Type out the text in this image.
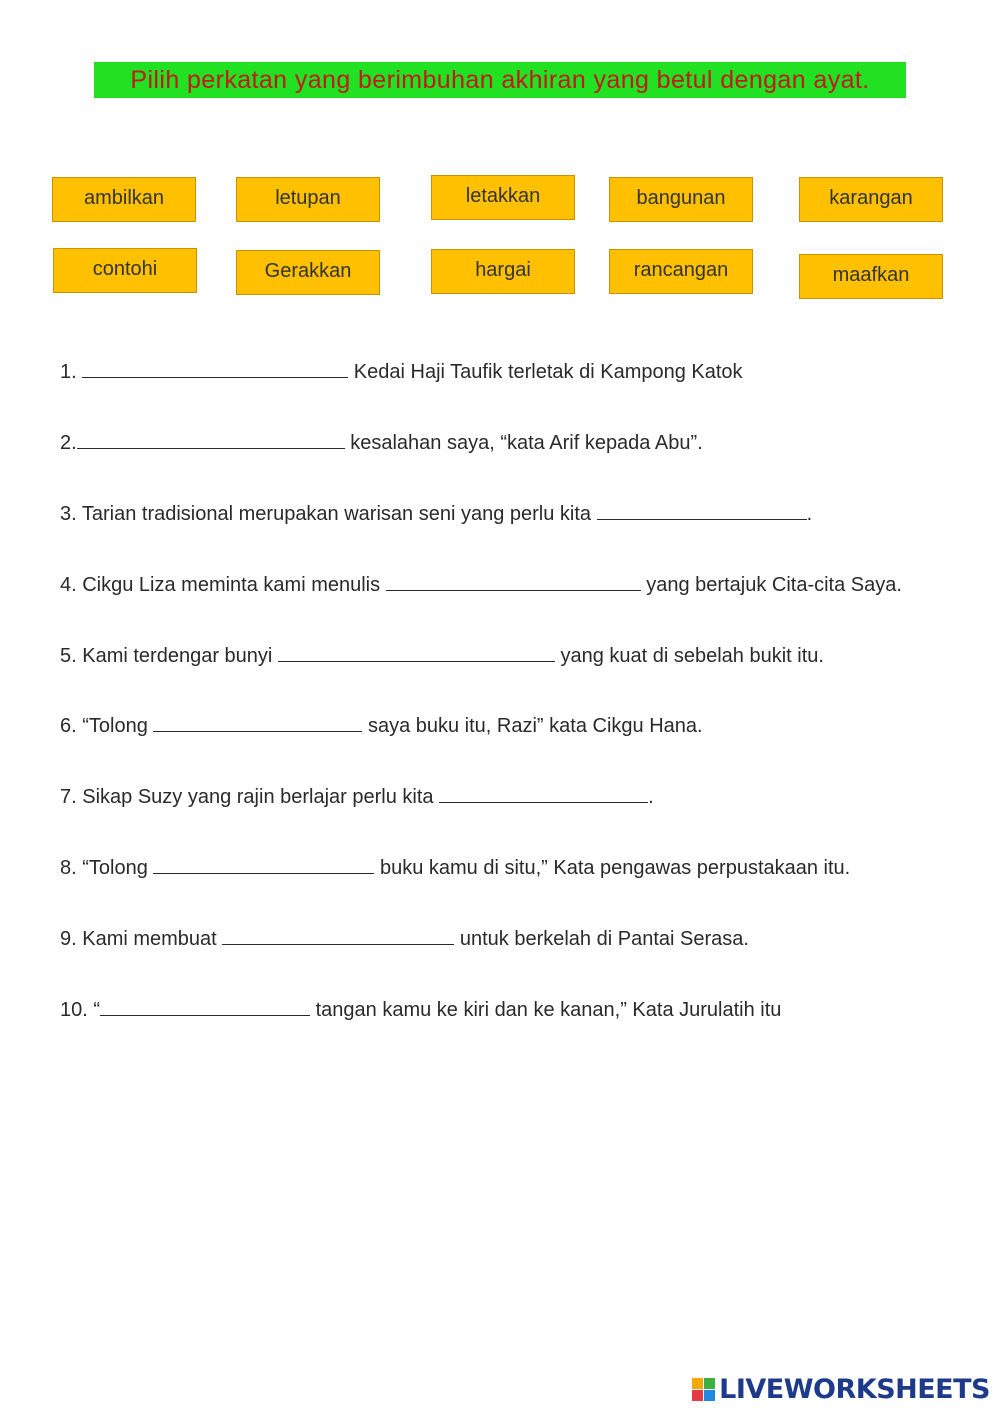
Pilih perkatan yang berimbuhan akhiran yang betul dengan ayat.
ambilkan	letupan	letakkan	bangunan	karangan
contohi	Gerakkan	hargai	rancangan	maafkan
1.	Kedai Haji Taufik terletak di Kampong Katok
2.	kesalahan saya, “kata Arif kepada Abu”.
3. Tarian tradisional merupakan warisan seni yang perlu kita	.
4. Cikgu Liza meminta kami menulis	yang bertajuk Cita-cita Saya.
5. Kami terdengar bunyi	yang kuat di sebelah bukit itu.
6. “Tolong	saya buku itu, Razi” kata Cikgu Hana.
7. Sikap Suzy yang rajin berlajar perlu kita	.
8. “Tolong	buku kamu di situ,” Kata pengawas perpustakaan itu.
9. Kami membuat	untuk berkelah di Pantai Serasa.
10. “	tangan kamu ke kiri dan ke kanan,” Kata Jurulatih itu
LIVEWORKSHEETS
